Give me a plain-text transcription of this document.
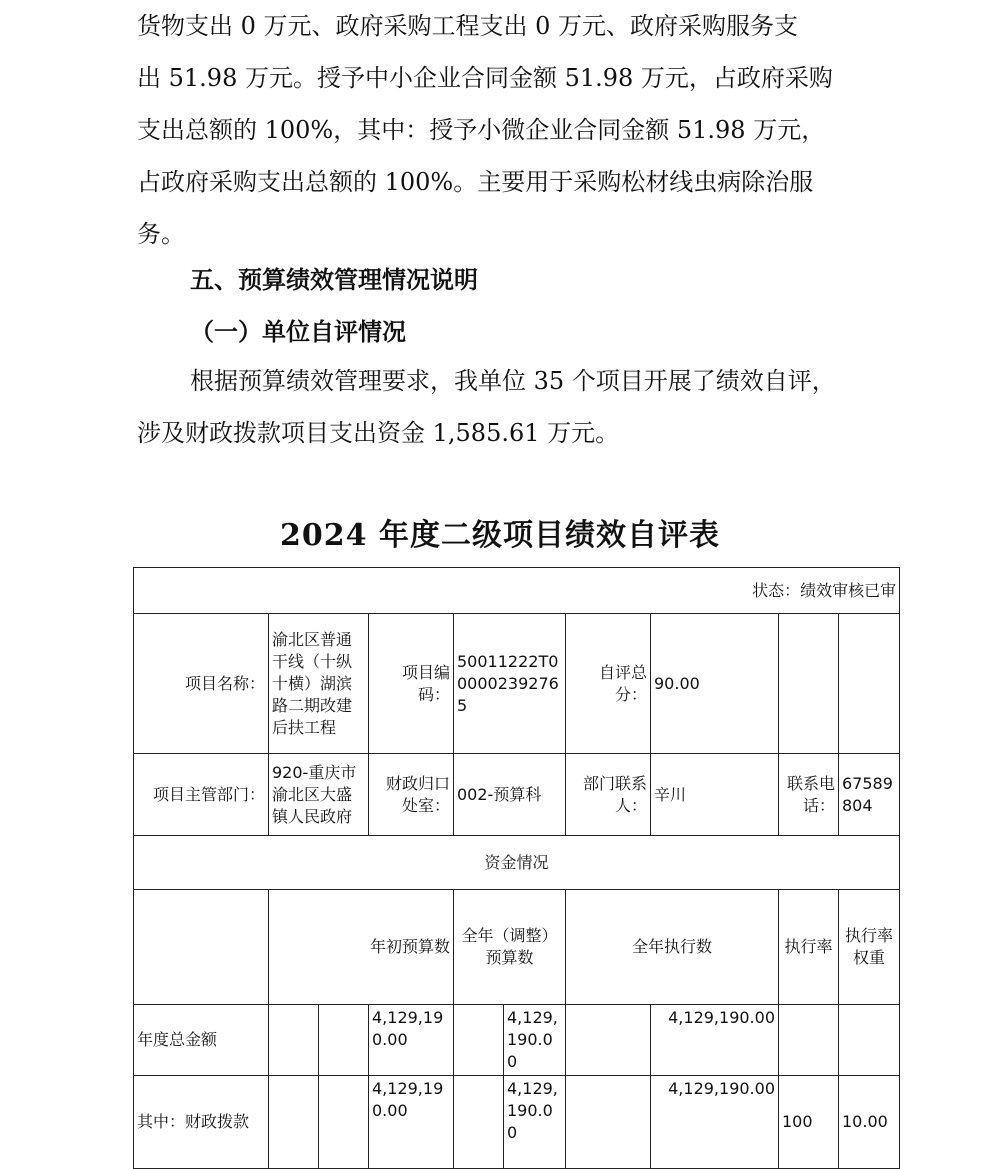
货物支出 0 万元、政府采购工程支出 0 万元、政府采购服务支

出 51.98 万元。授予中小企业合同金额 51.98 万元，占政府采购

支出总额的 100%，其中：授予小微企业合同金额 51.98 万元，

占政府采购支出总额的 100%。主要用于采购松材线虫病除治服

务。

五、预算绩效管理情况说明
（一）单位自评情况

根据预算绩效管理要求，我单位 35 个项目开展了绩效自评，

涉及财政拨款项目支出资金 1,585.61 万元。

2024 年度二级项目绩效自评表
状态：绩效审核已审										
项目名称：	渝北区普通干线（十纵十横）湖滨路二期改建后扶工程		项目编码：	50011222T000002392765		自评总分：	90.00			
项目主管部门：	920-重庆市渝北区大盛镇人民政府		财政归口处室：	002-预算科		部门联系人：	辛川	联系电话：	67589804	
资金情况										
	年初预算数			全年（调整）预算数		全年执行数		执行率	执行率权重	
年度总金额			4,129,190.00		4,129,190.00		4,129,190.00			
其中：财政拨款			4,129,190.00		4,129,190.00		4,129,190.00	100	10.00	
